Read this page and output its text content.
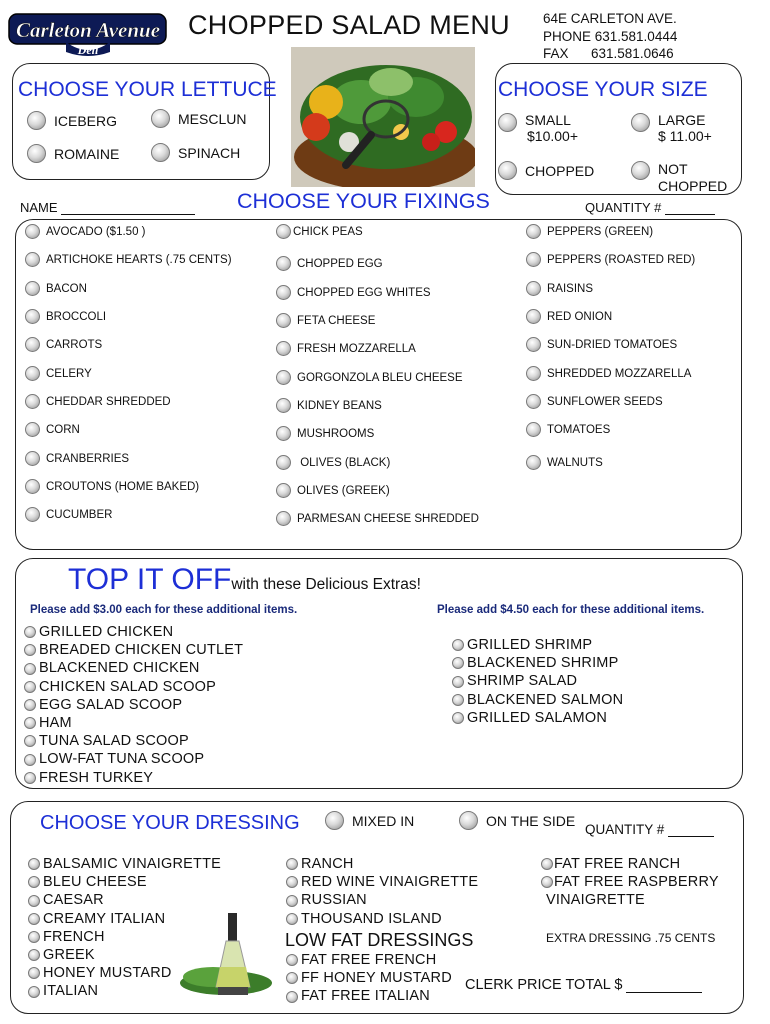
Carleton Avenue
Deli
CHOPPED SALAD MENU 64E CARLETON AVE.
PHONE 631.581.0444
FAX      631.581.0646
CHOOSE YOUR LETTUCE
ICEBERG	MESCLUN
ROMAINE	SPINACH
CHOOSE YOUR SIZE
SMALL
$10.00+
LARGE
$ 11.00+
CHOPPED	NOT
CHOPPED
NAME	CHOOSE YOUR FIXINGS	QUANTITY #
AVOCADO ($1.50 )
ARTICHOKE HEARTS (.75 CENTS)
BACON
BROCCOLI
CARROTS
CELERY
CHEDDAR SHREDDED
CORN
CRANBERRIES
CROUTONS (HOME BAKED)
CUCUMBER
CHICK PEAS
CHOPPED EGG
CHOPPED EGG WHITES
FETA CHEESE
FRESH MOZZARELLA
GORGONZOLA BLEU CHEESE
KIDNEY BEANS
MUSHROOMS
OLIVES (BLACK)
OLIVES (GREEK)
PARMESAN CHEESE SHREDDED
PEPPERS (GREEN)
PEPPERS (ROASTED RED)
RAISINS
RED ONION
SUN-DRIED TOMATOES
SHREDDED MOZZARELLA
SUNFLOWER SEEDS
TOMATOES
WALNUTS
TOP IT OFFwith these Delicious Extras!
Please add $3.00 each for these additional items.	Please add $4.50 each for these additional items.
GRILLED CHICKEN
BREADED CHICKEN CUTLET
BLACKENED CHICKEN
CHICKEN SALAD SCOOP
EGG SALAD SCOOP
HAM
TUNA SALAD SCOOP
LOW-FAT TUNA SCOOP
FRESH TURKEY
GRILLED SHRIMP
BLACKENED SHRIMP
SHRIMP SALAD
BLACKENED SALMON
GRILLED SALAMON
CHOOSE YOUR DRESSING	MIXED IN	ON THE SIDE
QUANTITY #
BALSAMIC VINAIGRETTE
BLEU CHEESE
CAESAR
CREAMY ITALIAN
FRENCH
GREEK
HONEY MUSTARD
ITALIAN
RANCH
RED WINE VINAIGRETTE
RUSSIAN
THOUSAND ISLAND
LOW FAT DRESSINGS
FAT FREE FRENCH
FF HONEY MUSTARD
FAT FREE ITALIAN
FAT FREE RANCH
FAT FREE RASPBERRY
VINAIGRETTE
EXTRA DRESSING .75 CENTS
CLERK PRICE TOTAL $
